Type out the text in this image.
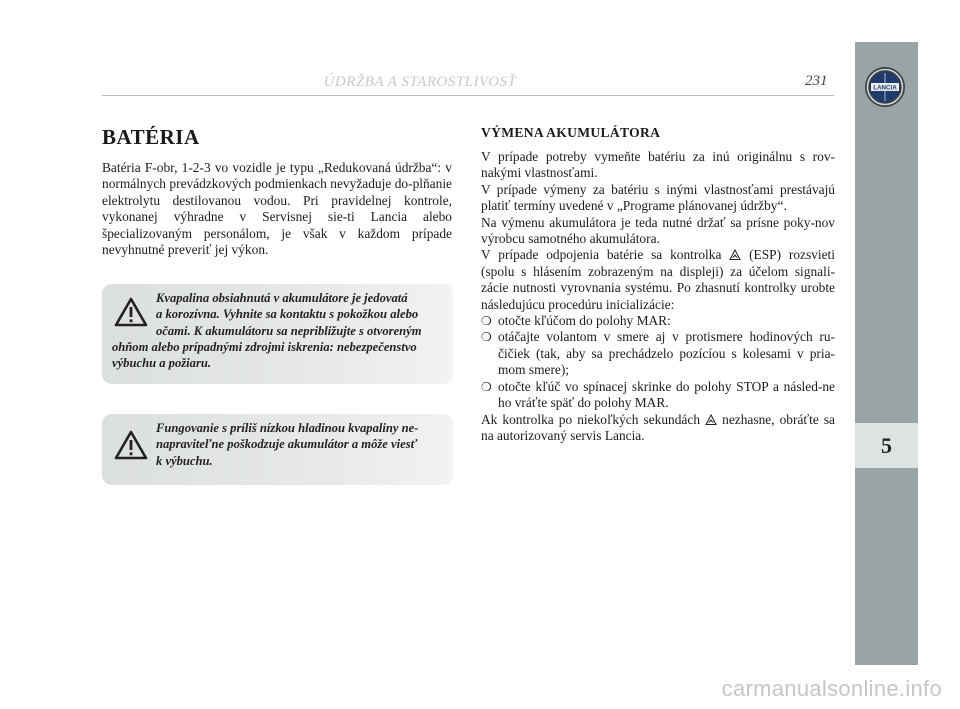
ÚDRŽBA A STAROSTLIVOSŤ	231	LANCIA
5
BATÉRIA

Batéria F-obr, 1-2-3 vo vozidle je typu „Redukovaná údržba“: v normálnych prevádzkových podmienkach nevyžaduje do-plňanie elektrolytu destilovanou vodou. Pri pravidelnej kontrole, vykonanej výhradne v Servisnej sie-ti Lancia alebo špecializovaným personálom, je však v každom prípade nevyhnutné preveriť jej výkon.

Kvapalina obsiahnutá v akumulátore je jedovatá
a korozívna. Vyhnite sa kontaktu s pokožkou alebo
očami. K akumulátoru sa nepribližujte s otvoreným
ohňom alebo prípadnými zdrojmi iskrenia: nebezpečenstvo výbuchu a požiaru.
Fungovanie s príliš nízkou hladinou kvapaliny ne-
napraviteľne poškodzuje akumulátor a môže viesť
k výbuchu.
VÝMENA AKUMULÁTORA

V prípade potreby vymeňte batériu za inú originálnu s rov-nakými vlastnosťami.

V prípade výmeny za batériu s inými vlastnosťami prestávajú platiť termíny uvedené v „Programe plánovanej údržby“.

Na výmenu akumulátora je teda nutné držať sa prísne poky-nov výrobcu samotného akumulátora.

V prípade odpojenia batérie sa kontrolka (ESP) rozsvieti (spolu s hlásením zobrazeným na displeji) za účelom signali-zácie nutnosti vyrovnania systému. Po zhasnutí kontrolky urobte následujúcu procedúru inicializácie:

❍ otočte kľúčom do polohy MAR:

❍ otáčajte volantom v smere aj v protismere hodinových ru-čičiek (tak, aby sa prechádzelo pozícíou s kolesami v pria-mom smere);

❍ otočte kľúč vo spínacej skrinke do polohy STOP a násled-ne ho vráťte späť do polohy MAR.

Ak kontrolka po niekoľkých sekundách nezhasne, obráťte sa na autorizovaný servis Lancia.

carmanualsonline.info
